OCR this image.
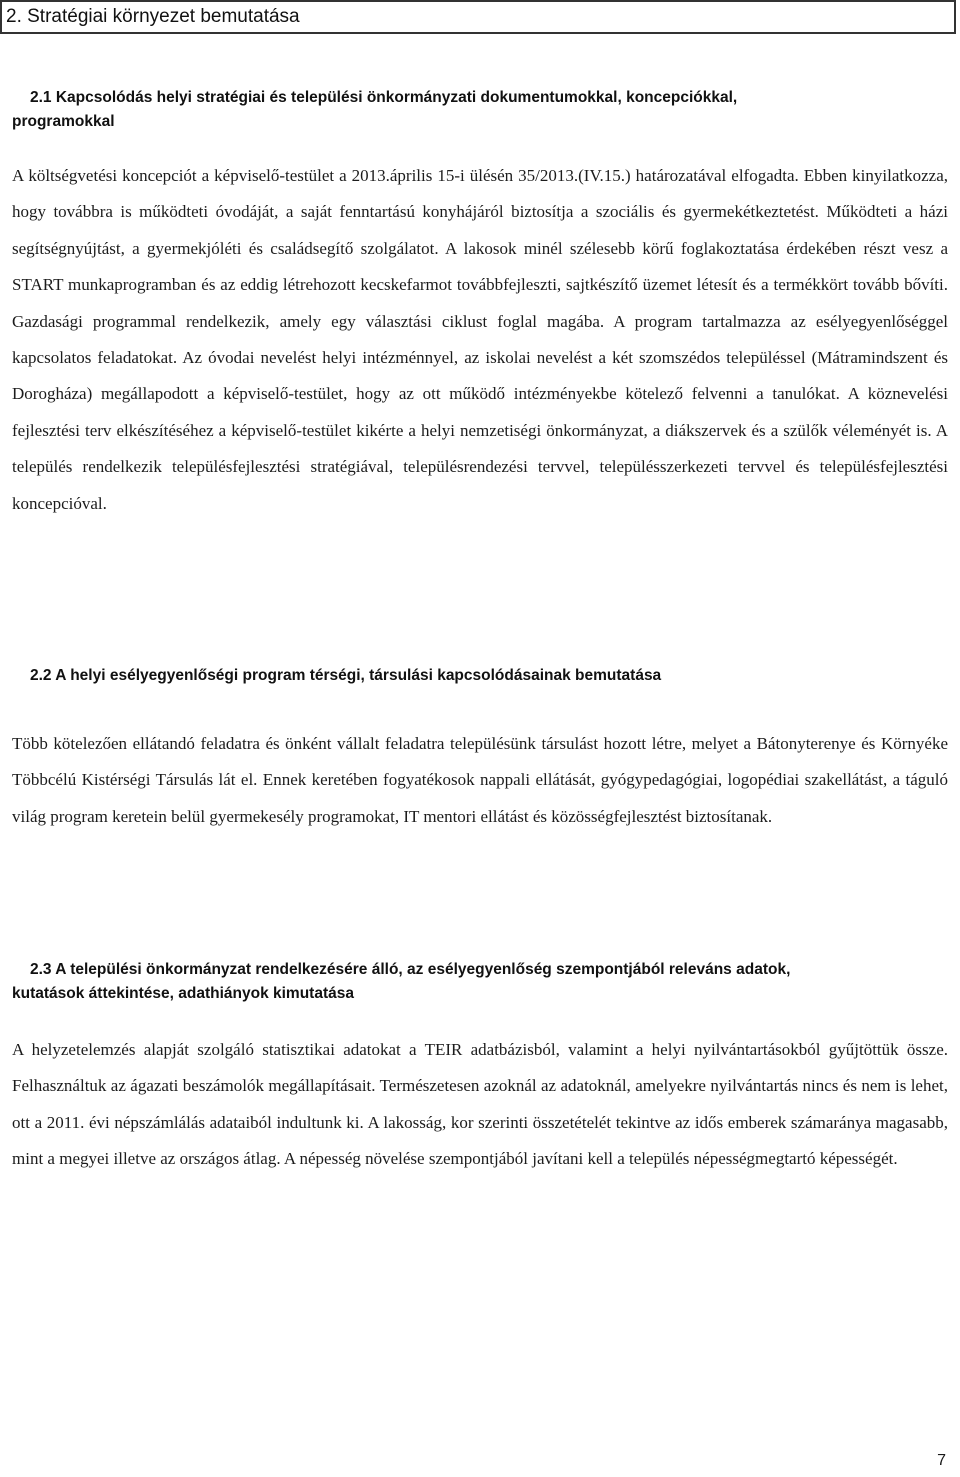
2. Stratégiai környezet bemutatása
2.1 Kapcsolódás helyi stratégiai és települési önkormányzati dokumentumokkal, koncepciókkal,
programokkal

A költségvetési koncepciót a képviselő-testület a 2013.április 15-i ülésén 35/2013.(IV.15.) határozatával elfogadta. Ebben kinyilatkozza, hogy továbbra is működteti óvodáját, a saját fenntartású konyhájáról biztosítja a szociális és gyermekétkeztetést. Működteti a házi segítségnyújtást, a gyermekjóléti és családsegítő szolgálatot. A lakosok minél szélesebb körű foglakoztatása érdekében részt vesz a START munkaprogramban és az eddig létrehozott kecskefarmot továbbfejleszti, sajtkészítő üzemet létesít és a termékkört tovább bővíti. Gazdasági programmal rendelkezik, amely egy választási ciklust foglal magába. A program tartalmazza az esélyegyenlőséggel kapcsolatos feladatokat. Az óvodai nevelést helyi intézménnyel, az iskolai nevelést a két szomszédos településsel (Mátramindszent és Dorogháza) megállapodott a képviselő-testület, hogy az ott működő intézményekbe kötelező felvenni a tanulókat. A köznevelési fejlesztési terv elkészítéséhez a képviselő-testület kikérte a helyi nemzetiségi önkormányzat, a diákszervek és a szülők véleményét is. A település rendelkezik településfejlesztési stratégiával, településrendezési tervvel, településszerkezeti tervvel és településfejlesztési koncepcióval.

2.2 A helyi esélyegyenlőségi program térségi, társulási kapcsolódásainak bemutatása

Több kötelezően ellátandó feladatra és önként vállalt feladatra településünk társulást hozott létre, melyet a Bátonyterenye és Környéke Többcélú Kistérségi Társulás lát el. Ennek keretében fogyatékosok nappali ellátását, gyógypedagógiai, logopédiai szakellátást, a táguló világ program keretein belül gyermekesély programokat, IT mentori ellátást és közösségfejlesztést biztosítanak.

2.3 A települési önkormányzat rendelkezésére álló, az esélyegyenlőség szempontjából releváns adatok,
kutatások áttekintése, adathiányok kimutatása

A helyzetelemzés alapját szolgáló statisztikai adatokat a TEIR adatbázisból, valamint a helyi nyilvántartásokból gyűjtöttük össze. Felhasználtuk az ágazati beszámolók megállapításait. Természetesen azoknál az adatoknál, amelyekre nyilvántartás nincs és nem is lehet, ott a 2011. évi népszámlálás adataiból indultunk ki. A lakosság, kor szerinti összetételét tekintve az idős emberek számaránya magasabb, mint a megyei illetve az országos átlag. A népesség növelése szempontjából javítani kell a település népességmegtartó képességét.

7
